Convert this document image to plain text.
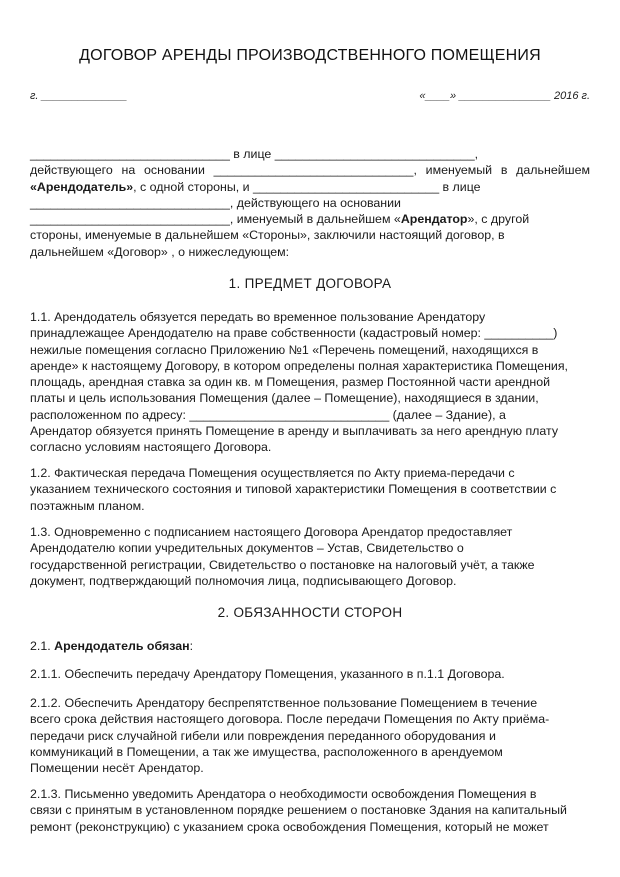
ДОГОВОР АРЕНДЫ ПРОИЗВОДСТВЕННОГО ПОМЕЩЕНИЯ
г. ______________	«____» _______________ 2016 г.
_____________________________ в лице _____________________________,
действующего на основании _____________________________, именуемый в дальнейшем
«Арендодатель», с одной стороны, и ___________________________ в лице
_____________________________, действующего на основании
_____________________________, именуемый в дальнейшем «Арендатор», с другой
стороны, именуемые в дальнейшем «Стороны», заключили настоящий договор, в
дальнейшем «Договор» , о нижеследующем:
1. ПРЕДМЕТ ДОГОВОРА
1.1. Арендодатель обязуется передать во временное пользование Арендатору
принадлежащее Арендодателю на праве собственности (кадастровый номер: __________)
нежилые помещения согласно Приложению №1 «Перечень помещений, находящихся в
аренде» к настоящему Договору, в котором определены полная характеристика Помещения,
площадь, арендная ставка за один кв. м Помещения, размер Постоянной части арендной
платы и цель использования Помещения (далее – Помещение), находящиеся в здании,
расположенном по адресу: _____________________________ (далее – Здание), а
Арендатор обязуется принять Помещение в аренду и выплачивать за него арендную плату
согласно условиям настоящего Договора.
1.2. Фактическая передача Помещения осуществляется по Акту приема-передачи с
указанием технического состояния и типовой характеристики Помещения в соответствии с
поэтажным планом.
1.3. Одновременно с подписанием настоящего Договора Арендатор предоставляет
Арендодателю копии учредительных документов – Устав, Свидетельство о
государственной регистрации, Свидетельство о постановке на налоговый учёт, а также
документ, подтверждающий полномочия лица, подписывающего Договор.
2. ОБЯЗАННОСТИ СТОРОН
2.1. Арендодатель обязан:
2.1.1. Обеспечить передачу Арендатору Помещения, указанного в п.1.1 Договора.
2.1.2. Обеспечить Арендатору беспрепятственное пользование Помещением в течение
всего срока действия настоящего договора. После передачи Помещения по Акту приёма-
передачи риск случайной гибели или повреждения переданного оборудования и
коммуникаций в Помещении, а так же имущества, расположенного в арендуемом
Помещении несёт Арендатор.
2.1.3. Письменно уведомить Арендатора о необходимости освобождения Помещения в
связи с принятым в установленном порядке решением о постановке Здания на капитальный
ремонт (реконструкцию) с указанием срока освобождения Помещения, который не может
